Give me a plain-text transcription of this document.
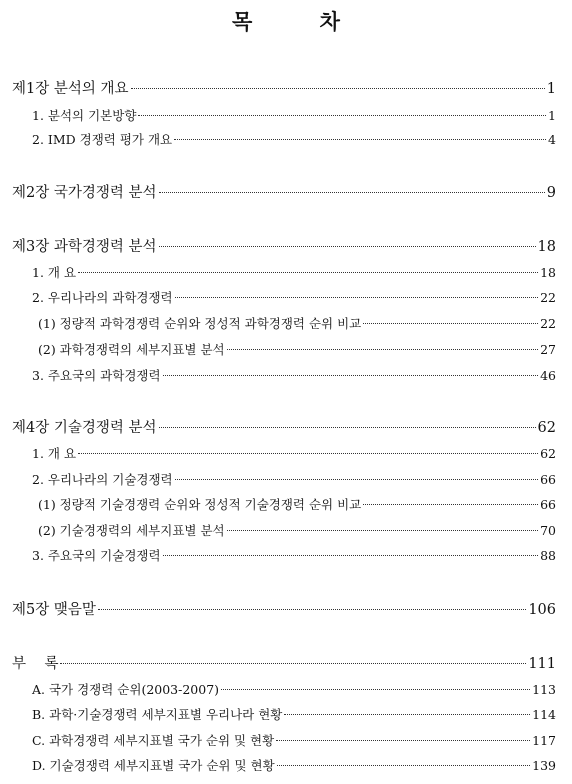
목 차
제1장 분석의 개요	1
1. 분석의 기본방향	1
2. IMD 경쟁력 평가 개요	4
제2장 국가경쟁력 분석	9
제3장 과학경쟁력 분석	18
1. 개 요	18
2. 우리나라의 과학경쟁력	22
(1) 정량적 과학경쟁력 순위와 정성적 과학경쟁력 순위 비교	22
(2) 과학경쟁력의 세부지표별 분석	27
3. 주요국의 과학경쟁력	46
제4장 기술경쟁력 분석	62
1. 개 요	62
2. 우리나라의 기술경쟁력	66
(1) 정량적 기술경쟁력 순위와 정성적 기술경쟁력 순위 비교	66
(2) 기술경쟁력의 세부지표별 분석	70
3. 주요국의 기술경쟁력	88
제5장 맺음말	106
부    록	111
A. 국가 경쟁력 순위(2003-2007)	113
B. 과학·기술경쟁력 세부지표별 우리나라 현황	114
C. 과학경쟁력 세부지표별 국가 순위 및 현황	117
D. 기술경쟁력 세부지표별 국가 순위 및 현황	139
